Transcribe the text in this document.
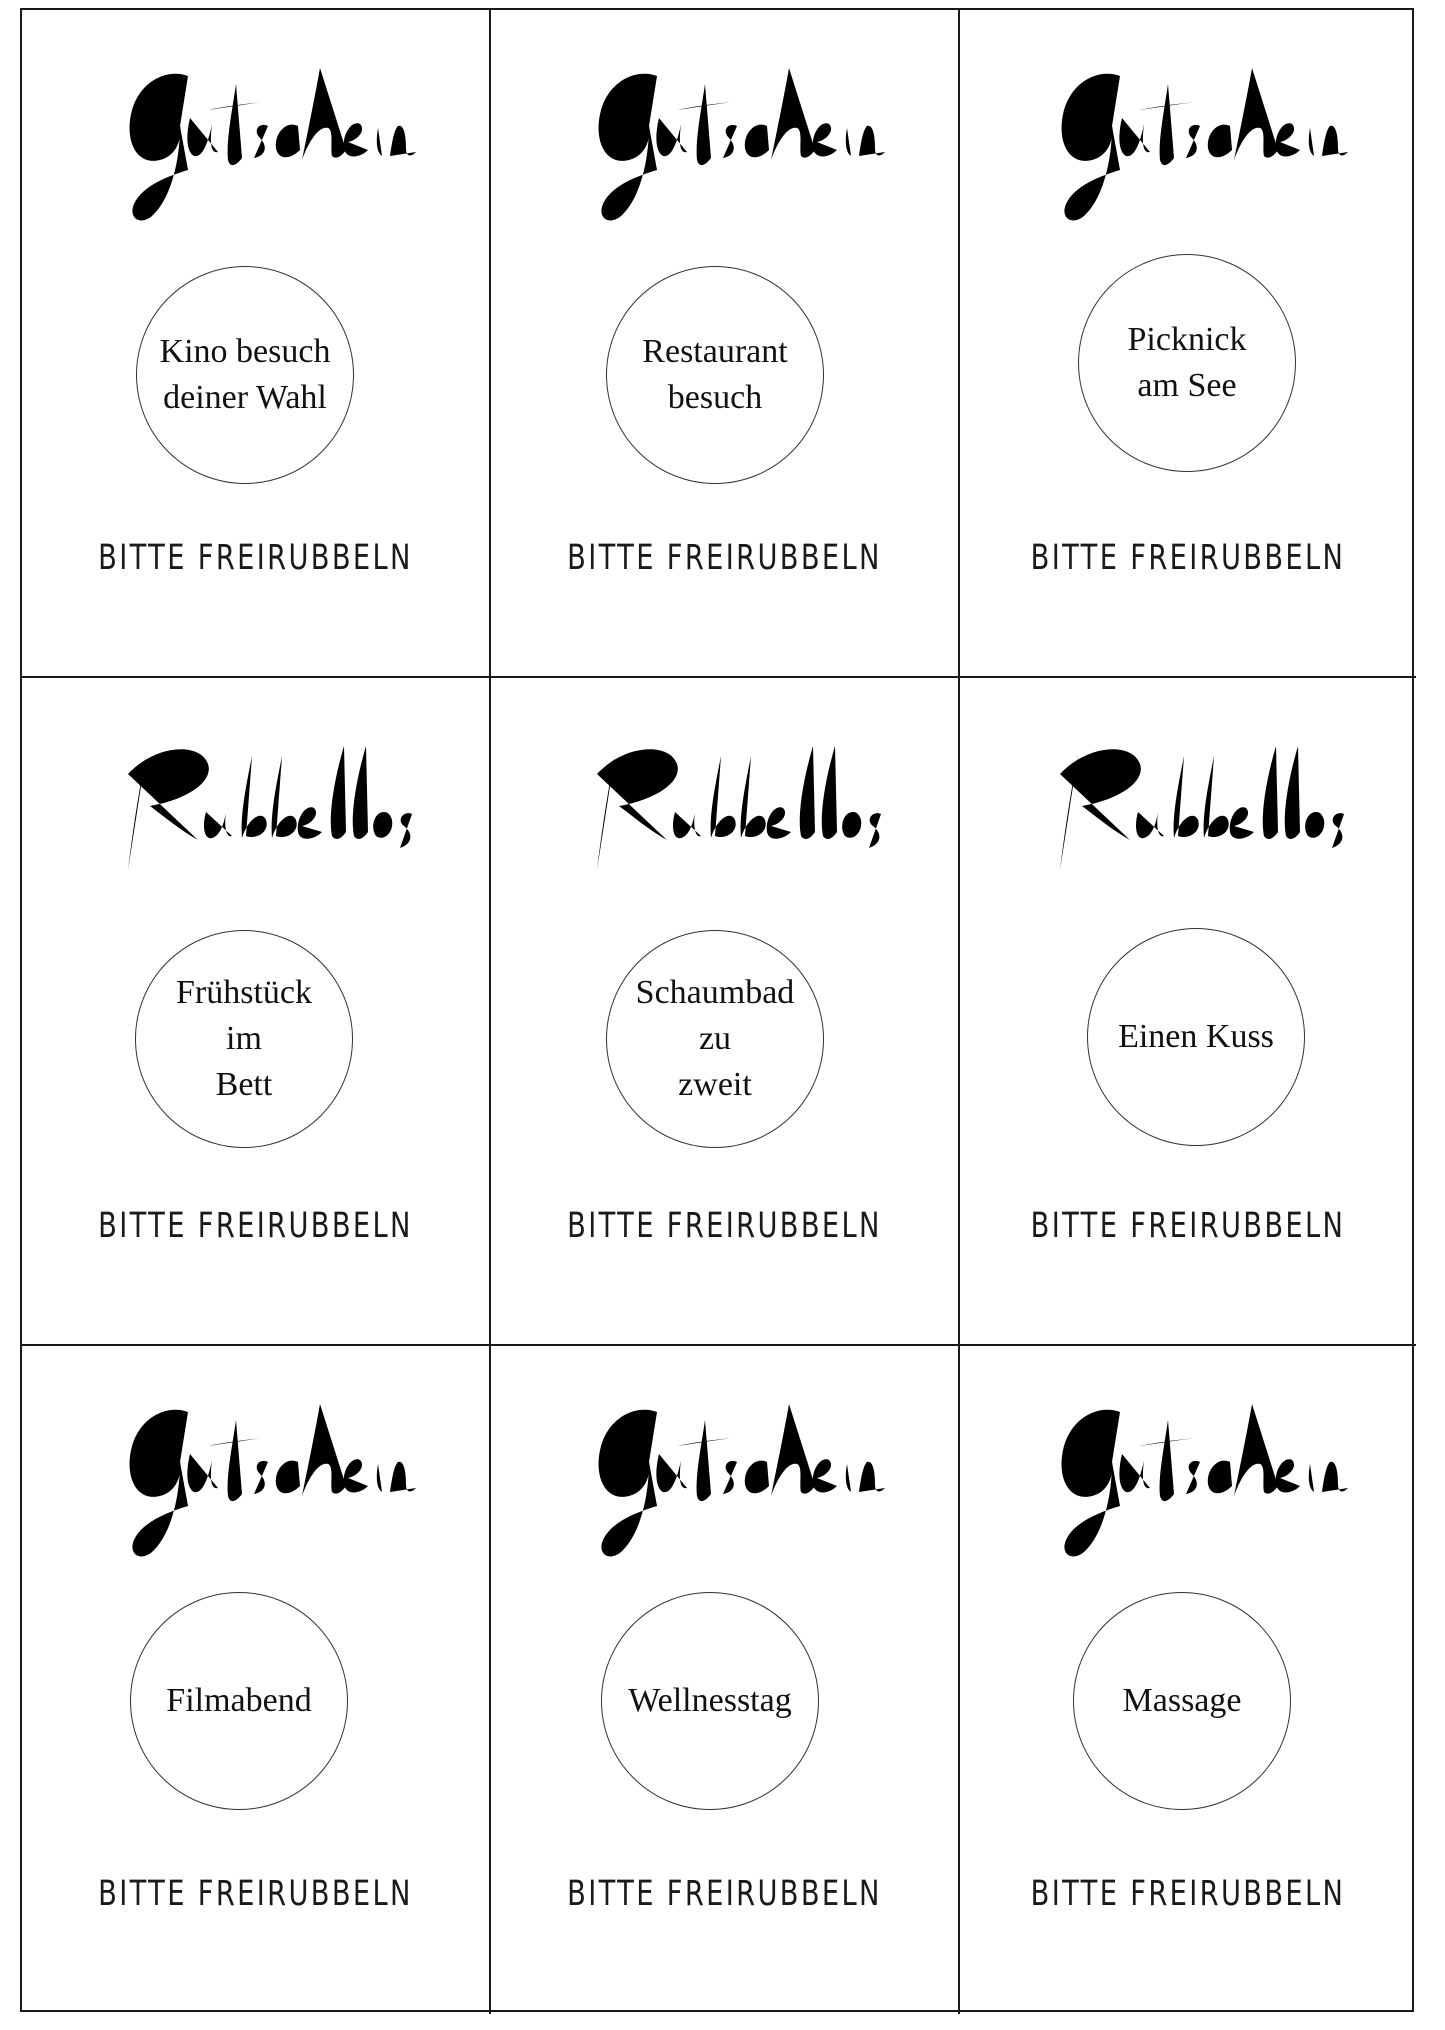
Kino besuch
deiner Wahl
BITTE FREIRUBBELN
Restaurant
besuch
BITTE FREIRUBBELN
Picknick
am See
BITTE FREIRUBBELN
Frühstück
im
Bett
BITTE FREIRUBBELN
Schaumbad
zu
zweit
BITTE FREIRUBBELN
Einen Kuss
BITTE FREIRUBBELN
Filmabend
BITTE FREIRUBBELN
Wellnesstag
BITTE FREIRUBBELN
Massage
BITTE FREIRUBBELN
